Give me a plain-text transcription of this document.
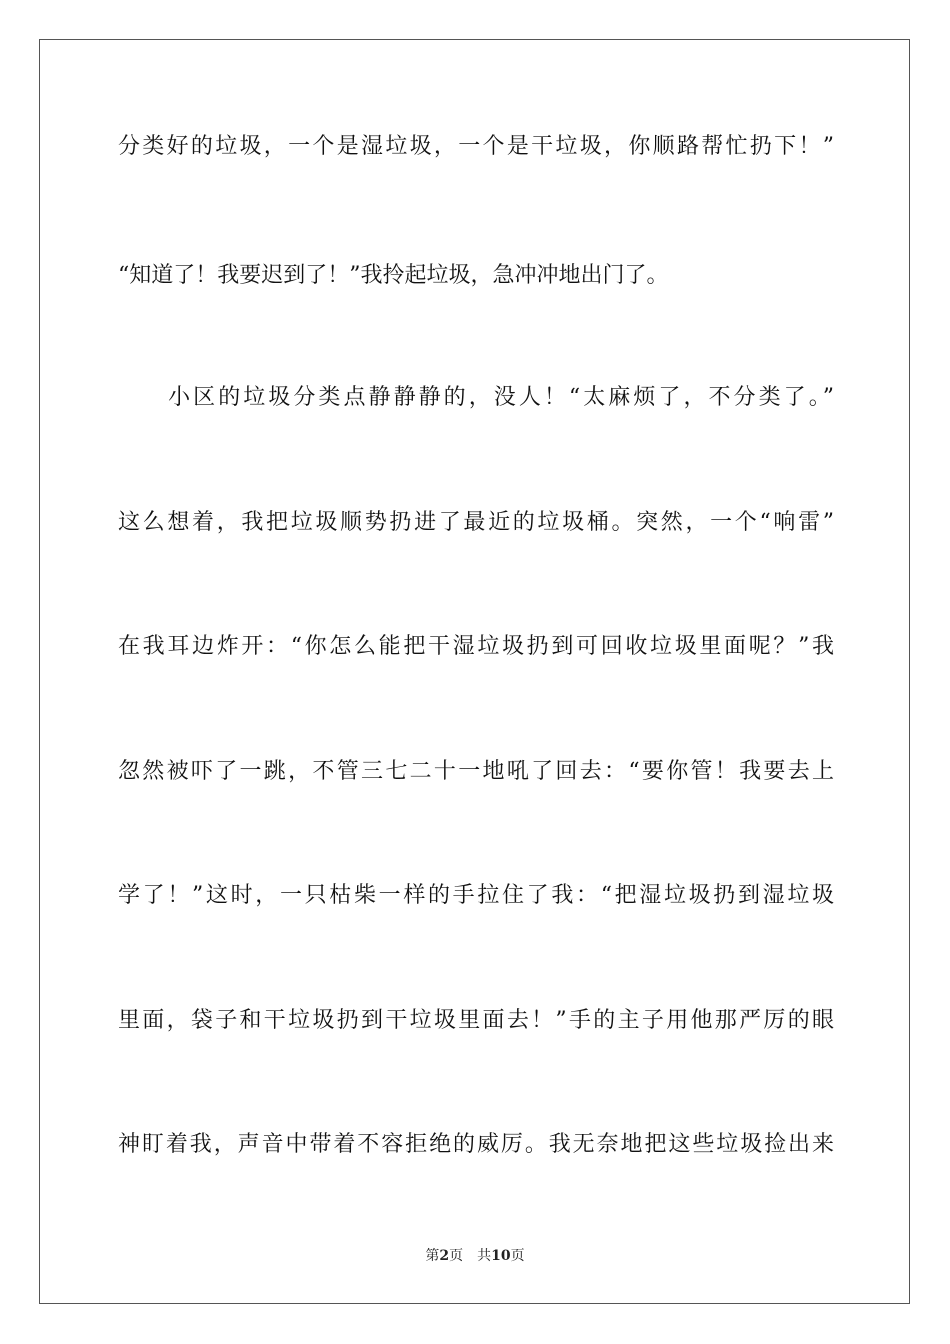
分类好的垃圾，一个是湿垃圾，一个是干垃圾，你顺路帮忙扔下！”
“知道了！我要迟到了！”我拎起垃圾，急冲冲地出门了。
　　小区的垃圾分类点静静静的，没人！“太麻烦了，不分类了。”
这么想着，我把垃圾顺势扔进了最近的垃圾桶。突然，一个“响雷”
在我耳边炸开：“你怎么能把干湿垃圾扔到可回收垃圾里面呢？”我
忽然被吓了一跳，不管三七二十一地吼了回去：“要你管！我要去上
学了！”这时，一只枯柴一样的手拉住了我：“把湿垃圾扔到湿垃圾
里面，袋子和干垃圾扔到干垃圾里面去！”手的主子用他那严厉的眼
神盯着我，声音中带着不容拒绝的威厉。我无奈地把这些垃圾捡出来
第2页　共10页
